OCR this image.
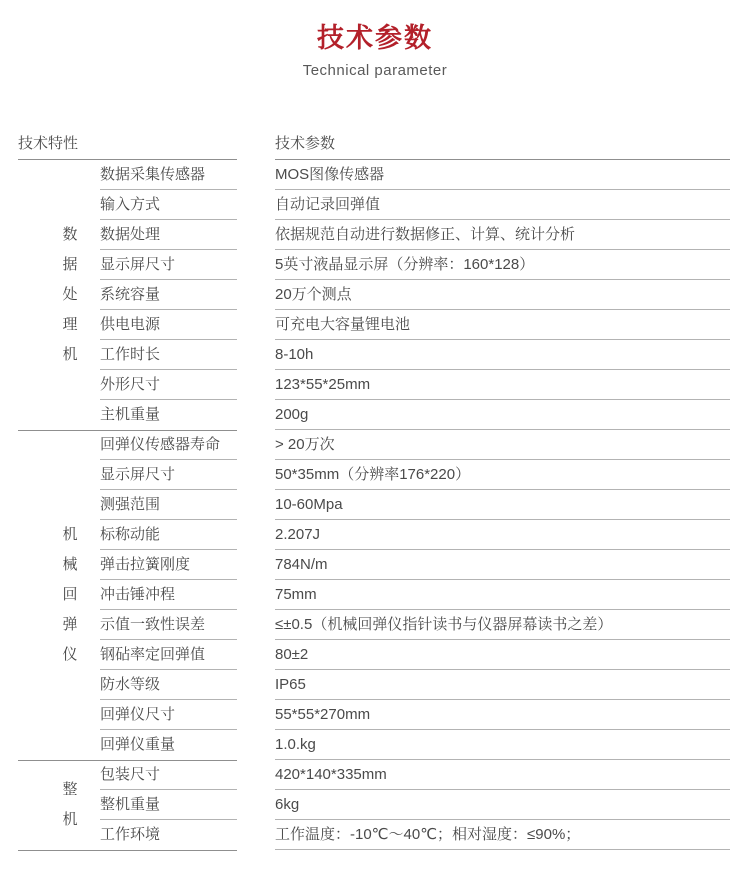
技术参数
Technical parameter
技术特性	技术参数
数据处理机
数据采集传感器
输入方式
数据处理
显示屏尺寸
系统容量
供电电源
工作时长
外形尺寸
主机重量
MOS图像传感器
自动记录回弹值
依据规范自动进行数据修正、计算、统计分析
5英寸液晶显示屏（分辨率：160*128）
20万个测点
可充电大容量锂电池
8-10h
123*55*25mm
200g
机械回弹仪
回弹仪传感器寿命
显示屏尺寸
测强范围
标称动能
弹击拉簧刚度
冲击锤冲程
示值一致性误差
钢砧率定回弹值
防水等级
回弹仪尺寸
回弹仪重量
> 20万次
50*35mm（分辨率176*220）
10-60Mpa
2.207J
784N/m
75mm
≤±0.5（机械回弹仪指针读书与仪器屏幕读书之差）
80±2
IP65
55*55*270mm
1.0.kg
整机
包装尺寸
整机重量
工作环境
420*140*335mm
6kg
工作温度：-10℃～40℃；相对湿度：≤90%；
